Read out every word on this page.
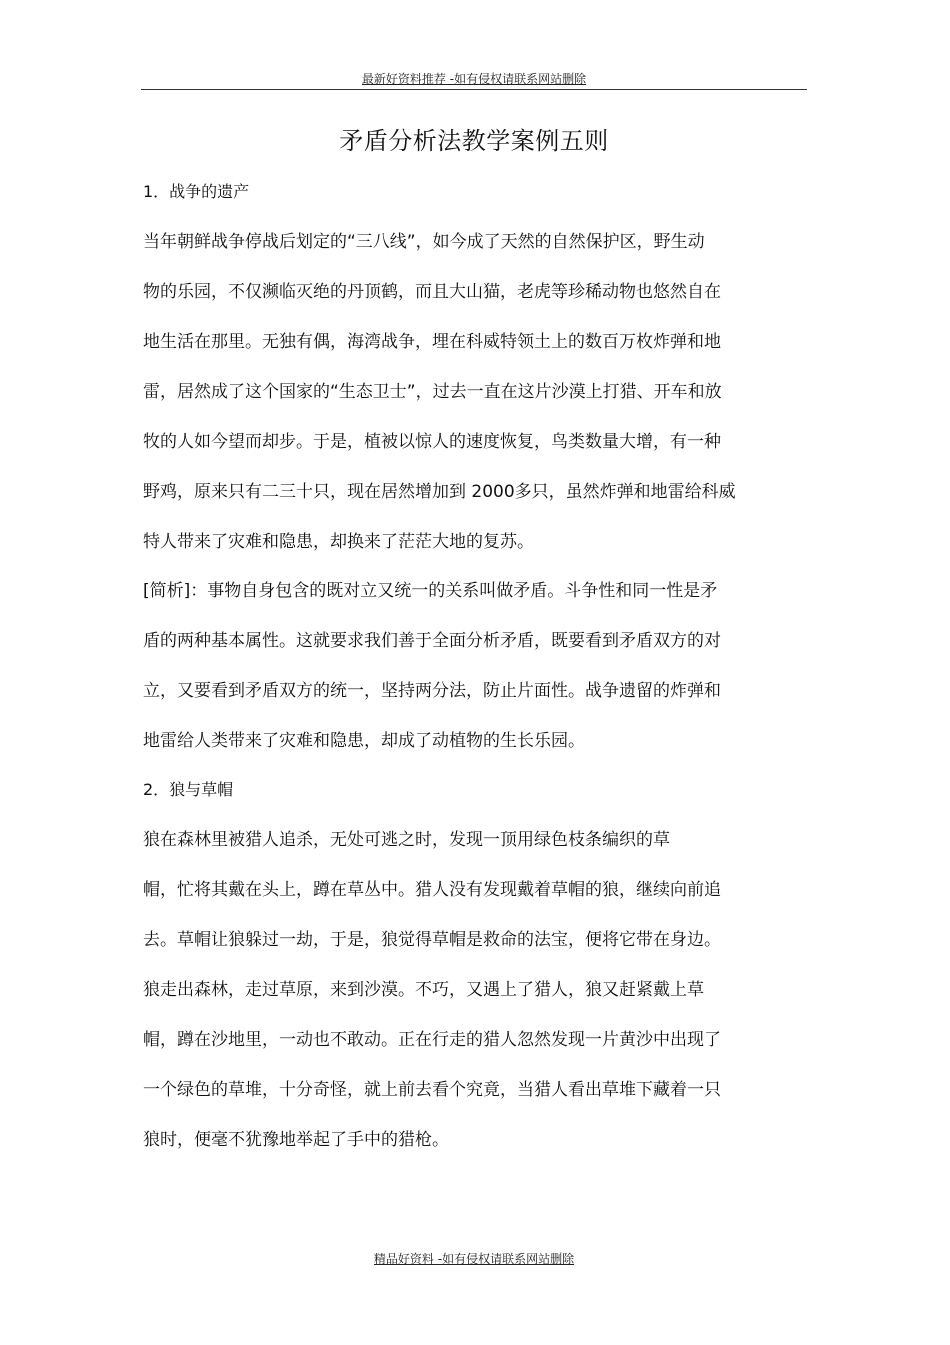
最新好资料推荐 -如有侵权请联系网站删除
矛盾分析法教学案例五则
1．战争的遗产
当年朝鲜战争停战后划定的“三八线”，如今成了天然的自然保护区，野生动
物的乐园，不仅濒临灭绝的丹顶鹤，而且大山猫，老虎等珍稀动物也悠然自在
地生活在那里。无独有偶，海湾战争，埋在科威特领土上的数百万枚炸弹和地
雷，居然成了这个国家的“生态卫士”，过去一直在这片沙漠上打猎、开车和放
牧的人如今望而却步。于是，植被以惊人的速度恢复，鸟类数量大增，有一种
野鸡，原来只有二三十只，现在居然增加到 2000多只，虽然炸弹和地雷给科威
特人带来了灾难和隐患，却换来了茫茫大地的复苏。
[简析]：事物自身包含的既对立又统一的关系叫做矛盾。斗争性和同一性是矛
盾的两种基本属性。这就要求我们善于全面分析矛盾，既要看到矛盾双方的对
立，又要看到矛盾双方的统一，坚持两分法，防止片面性。战争遗留的炸弹和
地雷给人类带来了灾难和隐患，却成了动植物的生长乐园。
2．狼与草帽
狼在森林里被猎人追杀，无处可逃之时，发现一顶用绿色枝条编织的草
帽，忙将其戴在头上，蹲在草丛中。猎人没有发现戴着草帽的狼，继续向前追
去。草帽让狼躲过一劫，于是，狼觉得草帽是救命的法宝，便将它带在身边。
狼走出森林，走过草原，来到沙漠。不巧，又遇上了猎人，狼又赶紧戴上草
帽，蹲在沙地里，一动也不敢动。正在行走的猎人忽然发现一片黄沙中出现了
一个绿色的草堆，十分奇怪，就上前去看个究竟，当猎人看出草堆下藏着一只
狼时，便毫不犹豫地举起了手中的猎枪。
精品好资料 -如有侵权请联系网站删除
